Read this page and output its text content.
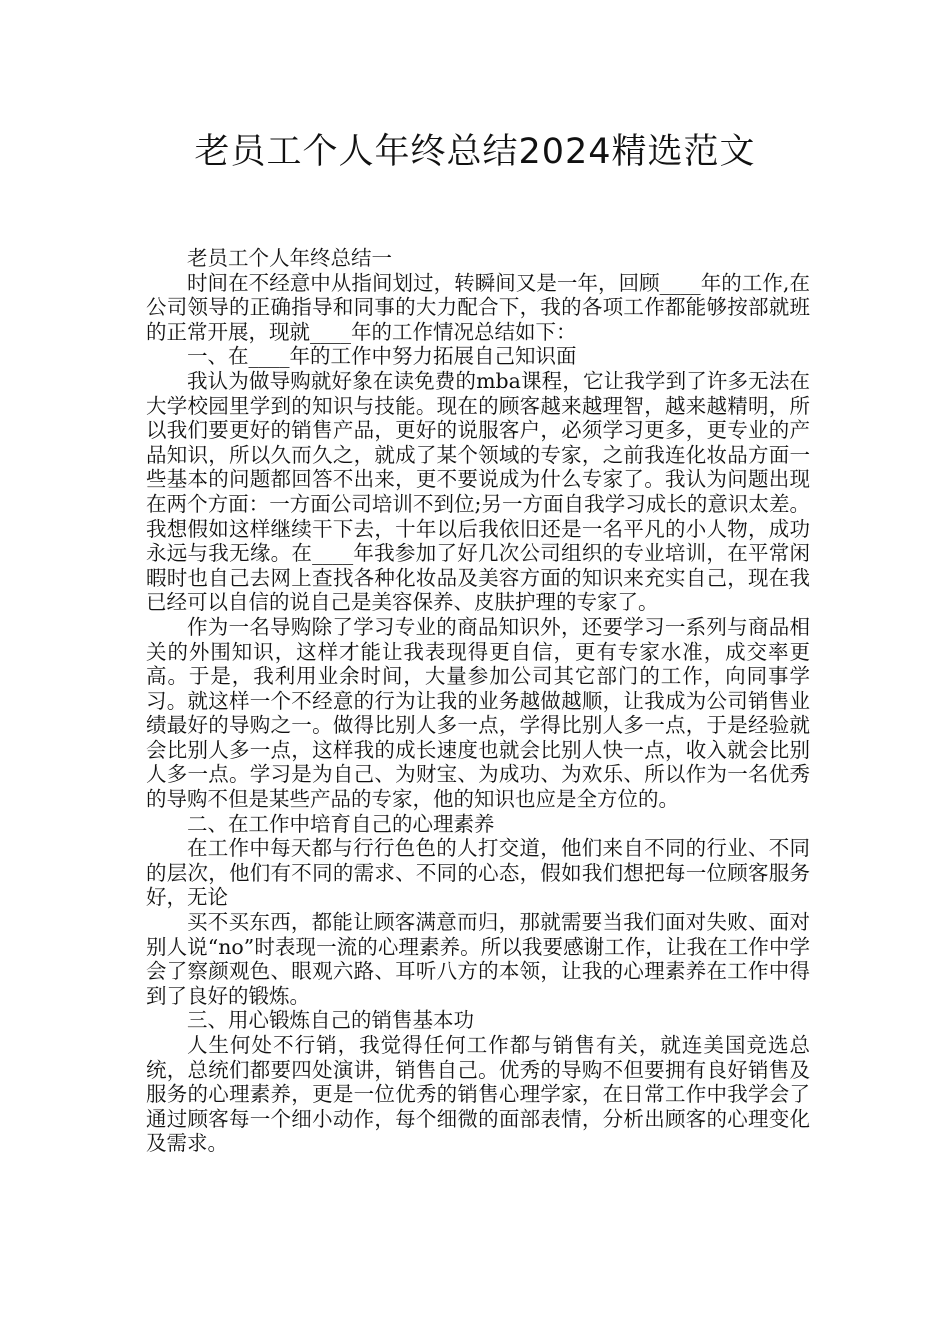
老员工个人年终总结2024精选范文

老员工个人年终总结一

时间在不经意中从指间划过，转瞬间又是一年，回顾____年的工作,在公司领导的正确指导和同事的大力配合下，我的各项工作都能够按部就班的正常开展，现就____年的工作情况总结如下：

一、在____年的工作中努力拓展自己知识面

我认为做导购就好象在读免费的mba课程，它让我学到了许多无法在大学校园里学到的知识与技能。现在的顾客越来越理智，越来越精明，所以我们要更好的销售产品，更好的说服客户，必须学习更多，更专业的产品知识，所以久而久之，就成了某个领域的专家，之前我连化妆品方面一些基本的问题都回答不出来，更不要说成为什么专家了。我认为问题出现在两个方面：一方面公司培训不到位;另一方面自我学习成长的意识太差。我想假如这样继续干下去，十年以后我依旧还是一名平凡的小人物，成功永远与我无缘。在____年我参加了好几次公司组织的专业培训，在平常闲暇时也自己去网上查找各种化妆品及美容方面的知识来充实自己，现在我已经可以自信的说自己是美容保养、皮肤护理的专家了。

作为一名导购除了学习专业的商品知识外，还要学习一系列与商品相关的外围知识，这样才能让我表现得更自信，更有专家水准，成交率更高。于是，我利用业余时间，大量参加公司其它部门的工作，向同事学习。就这样一个不经意的行为让我的业务越做越顺，让我成为公司销售业绩最好的导购之一。做得比别人多一点，学得比别人多一点，于是经验就会比别人多一点，这样我的成长速度也就会比别人快一点，收入就会比别人多一点。学习是为自己、为财宝、为成功、为欢乐、所以作为一名优秀的导购不但是某些产品的专家，他的知识也应是全方位的。

二、在工作中培育自己的心理素养

在工作中每天都与行行色色的人打交道，他们来自不同的行业、不同的层次，他们有不同的需求、不同的心态，假如我们想把每一位顾客服务好，无论

买不买东西，都能让顾客满意而归，那就需要当我们面对失败、面对别人说“no”时表现一流的心理素养。所以我要感谢工作，让我在工作中学会了察颜观色、眼观六路、耳听八方的本领，让我的心理素养在工作中得到了良好的锻炼。

三、用心锻炼自己的销售基本功

人生何处不行销，我觉得任何工作都与销售有关，就连美国竞选总统，总统们都要四处演讲，销售自己。优秀的导购不但要拥有良好销售及服务的心理素养，更是一位优秀的销售心理学家，在日常工作中我学会了通过顾客每一个细小动作，每个细微的面部表情，分析出顾客的心理变化及需求。
